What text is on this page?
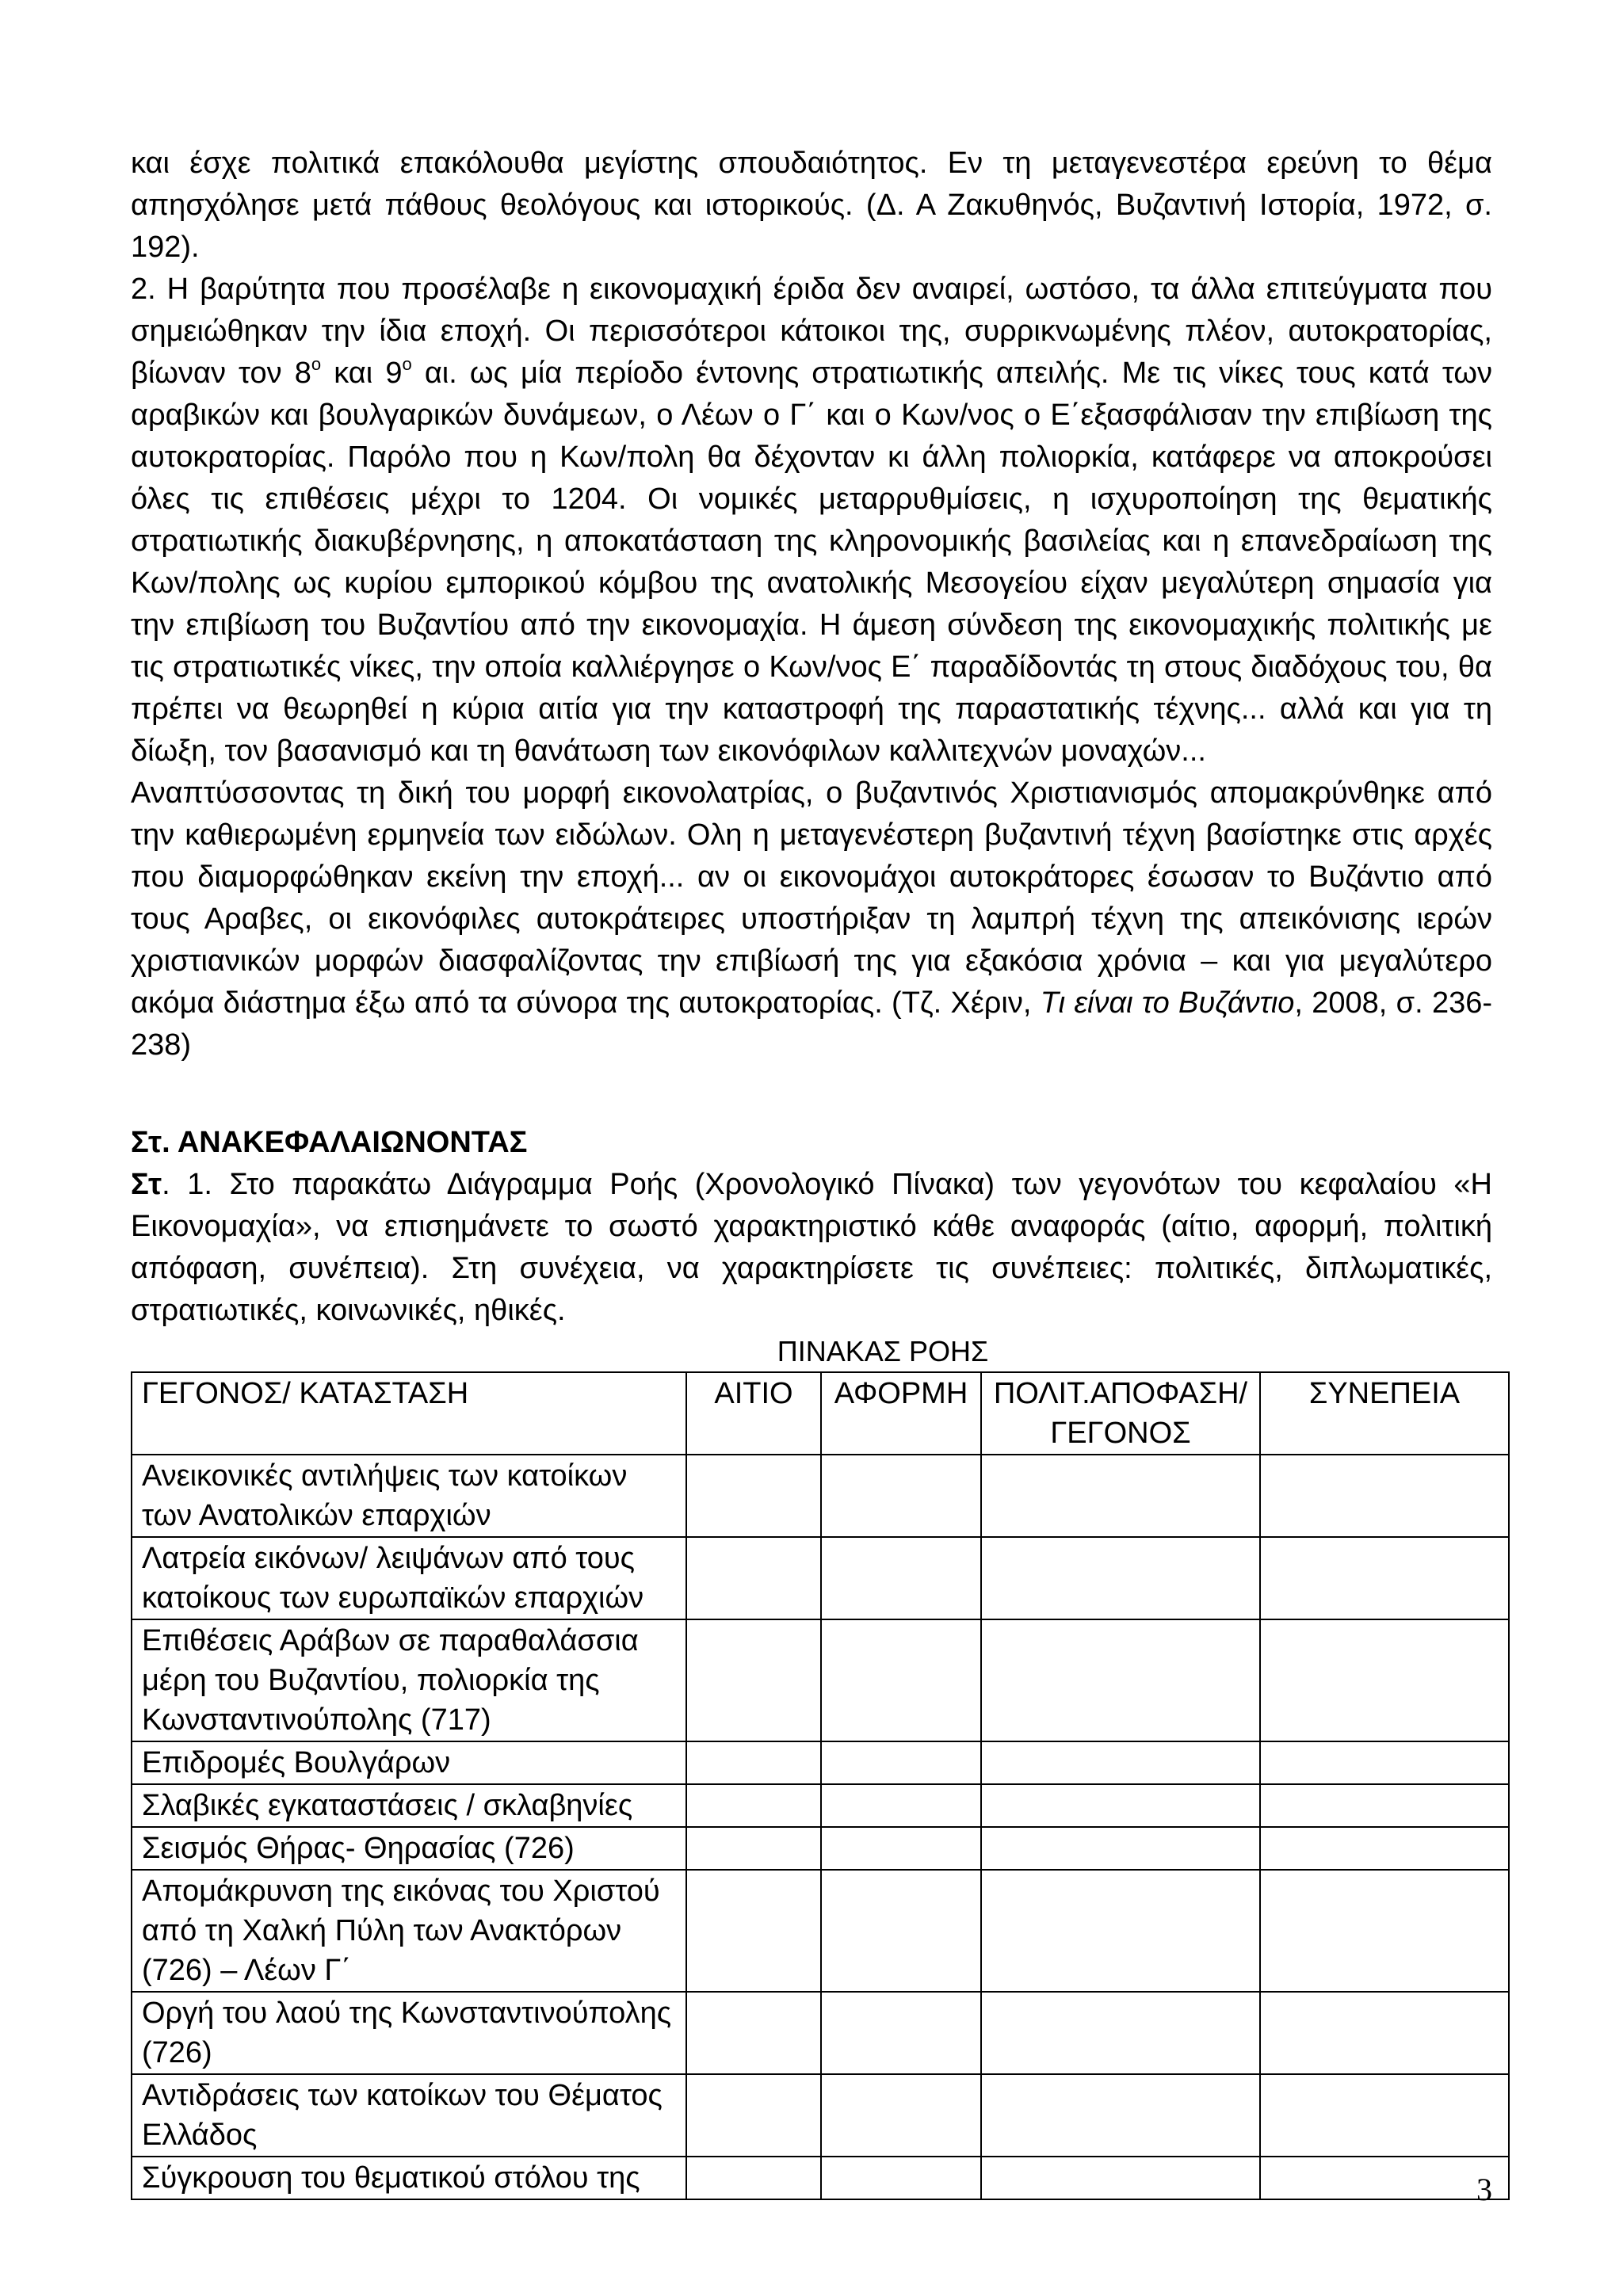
και έσχε πολιτικά επακόλουθα μεγίστης σπουδαιότητος. Εν τη μεταγενεστέρα ερεύνη το θέμα απησχόλησε μετά πάθους θεολόγους και ιστορικούς. (Δ. Α Ζακυθηνός, Βυζαντινή Ιστορία, 1972, σ. 192).

2. Η βαρύτητα που προσέλαβε η εικονομαχική έριδα δεν αναιρεί, ωστόσο, τα άλλα επιτεύγματα που σημειώθηκαν την ίδια εποχή. Οι περισσότεροι κάτοικοι της, συρρικνωμένης πλέον, αυτοκρατορίας, βίωναν τον $8^o$ και $9^o$ αι. ως μία περίοδο έντονης στρατιωτικής απειλής. Με τις νίκες τους κατά των αραβικών και βουλγαρικών δυνάμεων, ο Λέων ο Γ΄ και ο Κων/νος ο Ε΄εξασφάλισαν την επιβίωση της αυτοκρατορίας. Παρόλο που η Κων/πολη θα δέχονταν κι άλλη πολιορκία, κατάφερε να αποκρούσει όλες τις επιθέσεις μέχρι το 1204. Οι νομικές μεταρρυθμίσεις, η ισχυροποίηση της θεματικής στρατιωτικής διακυβέρνησης, η αποκατάσταση της κληρονομικής βασιλείας και η επανεδραίωση της Κων/πολης ως κυρίου εμπορικού κόμβου της ανατολικής Μεσογείου είχαν μεγαλύτερη σημασία για την επιβίωση του Βυζαντίου από την εικονομαχία. Η άμεση σύνδεση της εικονομαχικής πολιτικής με τις στρατιωτικές νίκες, την οποία καλλιέργησε ο Κων/νος Ε΄ παραδίδοντάς τη στους διαδόχους του, θα πρέπει να θεωρηθεί η κύρια αιτία για την καταστροφή της παραστατικής τέχνης... αλλά και για τη δίωξη, τον βασανισμό και τη θανάτωση των εικονόφιλων καλλιτεχνών μοναχών...

Αναπτύσσοντας τη δική του μορφή εικονολατρίας, ο βυζαντινός Χριστιανισμός απομακρύνθηκε από την καθιερωμένη ερμηνεία των ειδώλων. Ολη η μεταγενέστερη βυζαντινή τέχνη βασίστηκε στις αρχές που διαμορφώθηκαν εκείνη την εποχή... αν οι εικονομάχοι αυτοκράτορες έσωσαν το Βυζάντιο από τους Αραβες, οι εικονόφιλες αυτοκράτειρες υποστήριξαν τη λαμπρή τέχνη της απεικόνισης ιερών χριστιανικών μορφών διασφαλίζοντας την επιβίωσή της για εξακόσια χρόνια – και για μεγαλύτερο ακόμα διάστημα έξω από τα σύνορα της αυτοκρατορίας. (Τζ. Χέριν, Τι είναι το Βυζάντιο, 2008, σ. 236-238)

Στ. ΑΝΑΚΕΦΑΛΑΙΩΝΟΝΤΑΣ

Στ. 1. Στο παρακάτω Διάγραμμα Ροής (Χρονολογικό Πίνακα) των γεγονότων του κεφαλαίου «Η Εικονομαχία», να επισημάνετε το σωστό χαρακτηριστικό κάθε αναφοράς (αίτιο, αφορμή, πολιτική απόφαση, συνέπεια). Στη συνέχεια, να χαρακτηρίσετε τις συνέπειες: πολιτικές, διπλωματικές, στρατιωτικές, κοινωνικές, ηθικές.

ΠΙΝΑΚΑΣ ΡΟΗΣ

ΓΕΓΟΝΟΣ/ ΚΑΤΑΣΤΑΣΗ	ΑΙΤΙΟ	ΑΦΟΡΜΗ	ΠΟΛΙΤ.ΑΠΟΦΑΣΗ/ ΓΕΓΟΝΟΣ	ΣΥΝΕΠΕΙΑ
Ανεικονικές αντιλήψεις των κατοίκων των Ανατολικών επαρχιών				
Λατρεία εικόνων/ λειψάνων από τους κατοίκους των ευρωπαϊκών επαρχιών				
Επιθέσεις Αράβων σε παραθαλάσσια μέρη του Βυζαντίου, πολιορκία της Κωνσταντινούπολης (717)				
Επιδρομές Βουλγάρων				
Σλαβικές εγκαταστάσεις / σκλαβηνίες				
Σεισμός Θήρας- Θηρασίας (726)				
Απομάκρυνση της εικόνας του Χριστού από τη Χαλκή Πύλη των Ανακτόρων (726) – Λέων Γ΄				
Οργή του λαού της Κωνσταντινούπολης (726)				
Αντιδράσεις των κατοίκων του Θέματος Ελλάδος				
Σύγκρουση του θεματικού στόλου της					3
